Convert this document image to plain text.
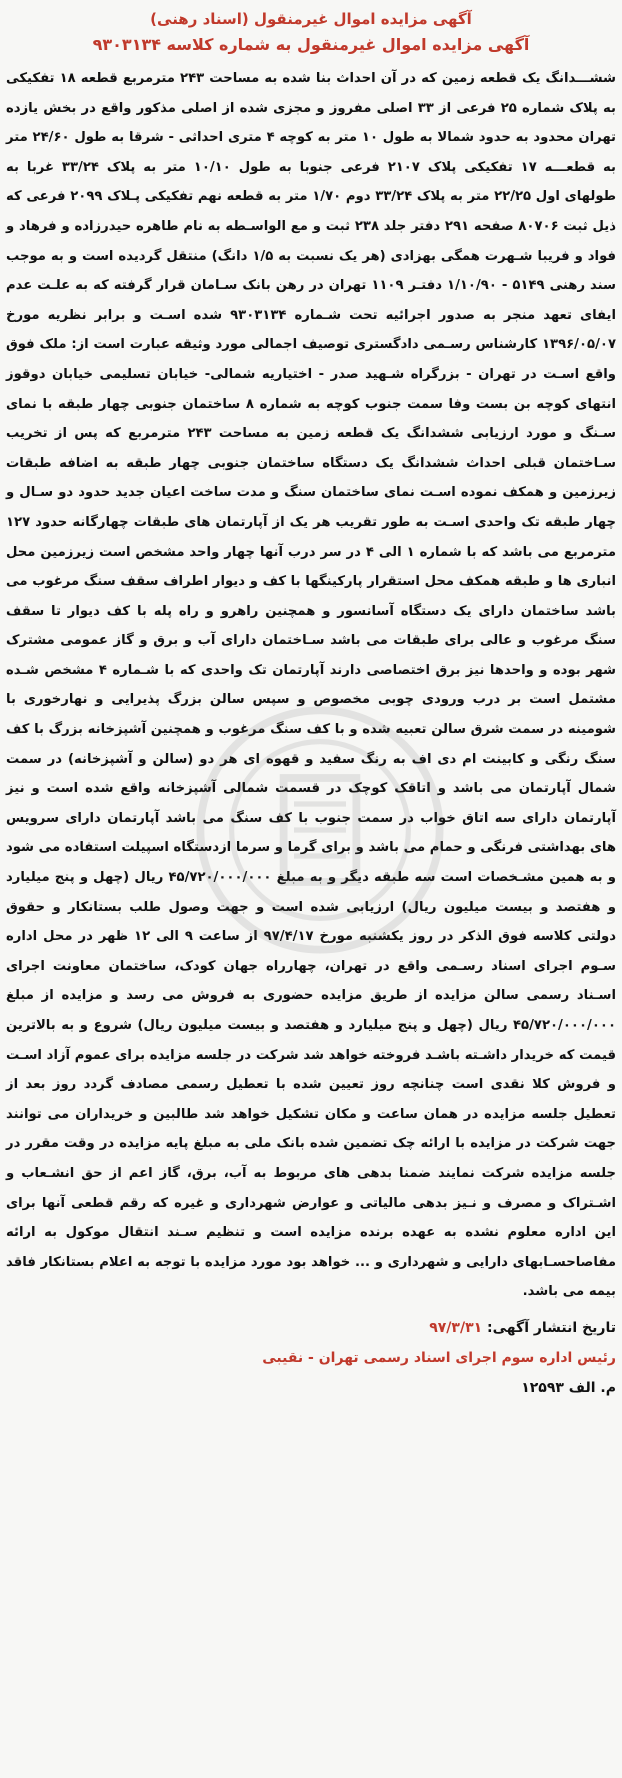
آگهی مزایده اموال غیرمنقول (اسناد رهنی)
آگهی مزایده اموال غیرمنقول به شماره کلاسه ۹۳۰۳۱۳۴

ششـــدانگ یک قطعه زمین که در آن احداث بنا شده به مساحت ۲۴۳ مترمربع قطعه ۱۸ تفکیکی به پلاک شماره ۲۵ فرعی از ۳۳ اصلی مفروز و مجزی شده از اصلی مذکور واقع در بخش یازده تهران محدود به حدود شمالا به طول ۱۰ متر به کوچه ۴ متری احداثی - شرقا به طول ۲۴/۶۰ متر به قطعـــه ۱۷ تفکیکی پلاک ۲۱۰۷ فرعی جنوبا به طول ۱۰/۱۰ متر به پلاک ۳۳/۲۴ غربا به طولهای اول ۲۲/۲۵ متر به پلاک ۳۳/۲۴ دوم ۱/۷۰ متر به قطعه نهم تفکیکی پـلاک ۲۰۹۹ فرعی که ذیل ثبت ۸۰۷۰۶ صفحه ۲۹۱ دفتر جلد ۲۳۸ ثبت و مع الواسـطه به نام طاهره حیدرزاده و فرهاد و فواد و فریبا شـهرت همگی بهزادی (هر یک نسبت به ۱/۵ دانگ) منتقل گردیده است و به موجب سند رهنی ۵۱۴۹ - ۱/۱۰/۹۰ دفتـر ۱۱۰۹ تهران در رهن بانک سـامان قرار گرفته که به علـت عدم ایفای تعهد منجر به صدور اجرائیه تحت شـماره ۹۳۰۳۱۳۴ شده اسـت و برابر نظریه مورخ ۱۳۹۶/۰۵/۰۷ کارشناس رسـمی دادگستری توصیف اجمالی مورد وثیقه عبارت است از: ملک فوق واقع اسـت در تهران - بزرگراه شـهید صدر - اختیاریه شمالی- خیابان تسلیمی خیابان دوقوز انتهای کوچه بن بست وفا سمت جنوب کوچه به شماره ۸ ساختمان جنوبی چهار طبقه با نمای سـنگ و مورد ارزیابی ششدانگ یک قطعه زمین به مساحت ۲۴۳ مترمربع که پس از تخریب سـاختمان قبلی احداث ششدانگ یک دستگاه ساختمان جنوبی چهار طبقه به اضافه طبقات زیرزمین و همکف نموده اسـت نمای ساختمان سنگ و مدت ساخت اعیان جدید حدود دو سـال و چهار طبقه تک واحدی اسـت به طور تقریب هر یک از آپارتمان های طبقات چهارگانه حدود ۱۲۷ مترمربع می باشد که با شماره ۱ الی ۴ در سر درب آنها چهار واحد مشخص است زیرزمین محل انباری ها و طبقه همکف محل استقرار پارکینگها با کف و دیوار اطراف سقف سنگ مرغوب می باشد ساختمان دارای یک دستگاه آسانسور و همچنین راهرو و راه پله با کف دیوار تا سقف سنگ مرغوب و عالی برای طبقات می باشد سـاختمان دارای آب و برق و گاز عمومی مشترک شهر بوده و واحدها نیز برق اختصاصی دارند آپارتمان تک واحدی که با شـماره ۴ مشخص شـده مشتمل است بر درب ورودی چوبی مخصوص و سپس سالن بزرگ پذیرایی و نهارخوری با شومینه در سمت شرق سالن تعبیه شده و با کف سنگ مرغوب و همچنین آشپزخانه بزرگ با کف سنگ رنگی و کابینت ام دی اف به رنگ سفید و قهوه ای هر دو (سالن و آشپزخانه) در سمت شمال آپارتمان می باشد و اتاقک کوچک در قسمت شمالی آشپزخانه واقع شده است و نیز آپارتمان دارای سه اتاق خواب در سمت جنوب با کف سنگ می باشد آپارتمان دارای سرویس های بهداشتی فرنگی و حمام می باشد و برای گرما و سرما ازدستگاه اسپیلت استفاده می شود و به همین مشـخصات است سه طبقه دیگر و به مبلغ ۴۵/۷۲۰/۰۰۰/۰۰۰ ریال (چهل و پنج میلیارد و هفتصد و بیست میلیون ریال) ارزیابی شده است و جهت وصول طلب بستانکار و حقوق دولتی کلاسه فوق الذکر در روز یکشنبه مورخ ۹۷/۴/۱۷ از ساعت ۹ الی ۱۲ ظهر در محل اداره سـوم اجرای اسناد رسـمی واقع در تهران، چهارراه جهان کودک، ساختمان معاونت اجرای اسـناد رسمی سالن مزایده از طریق مزایده حضوری به فروش می رسد و مزایده از مبلغ ۴۵/۷۲۰/۰۰۰/۰۰۰ ریال (چهل و پنج میلیارد و هفتصد و بیست میلیون ریال) شروع و به بالاترین قیمت که خریدار داشـته باشـد فروخته خواهد شد شرکت در جلسه مزایده برای عموم آزاد اسـت و فروش کلا نقدی است چنانچه روز تعیین شده با تعطیل رسمی مصادف گردد روز بعد از تعطیل جلسه مزایده در همان ساعت و مکان تشکیل خواهد شد طالبین و خریداران می توانند جهت شرکت در مزایده با ارائه چک تضمین شده بانک ملی به مبلغ پایه مزایده در وقت مقرر در جلسه مزایده شرکت نمایند ضمنا بدهی های مربوط به آب، برق، گاز اعم از حق انشـعاب و اشـتراک و مصرف و نـیز بدهی مالیاتی و عوارض شهرداری و غیره که رقم قطعی آنها برای این اداره معلوم نشده به عهده برنده مزایده است و تنظیم سـند انتقال موکول به ارائه مفاصاحسـابهای دارایی و شهرداری و ... خواهد بود مورد مزایده با توجه به اعلام بستانکار فاقد بیمه می باشد.

تاریخ انتشار آگهی: ۹۷/۳/۳۱
رئیس اداره سوم اجرای اسناد رسمی تهران - نقیبی
م. الف ۱۲۵۹۳
